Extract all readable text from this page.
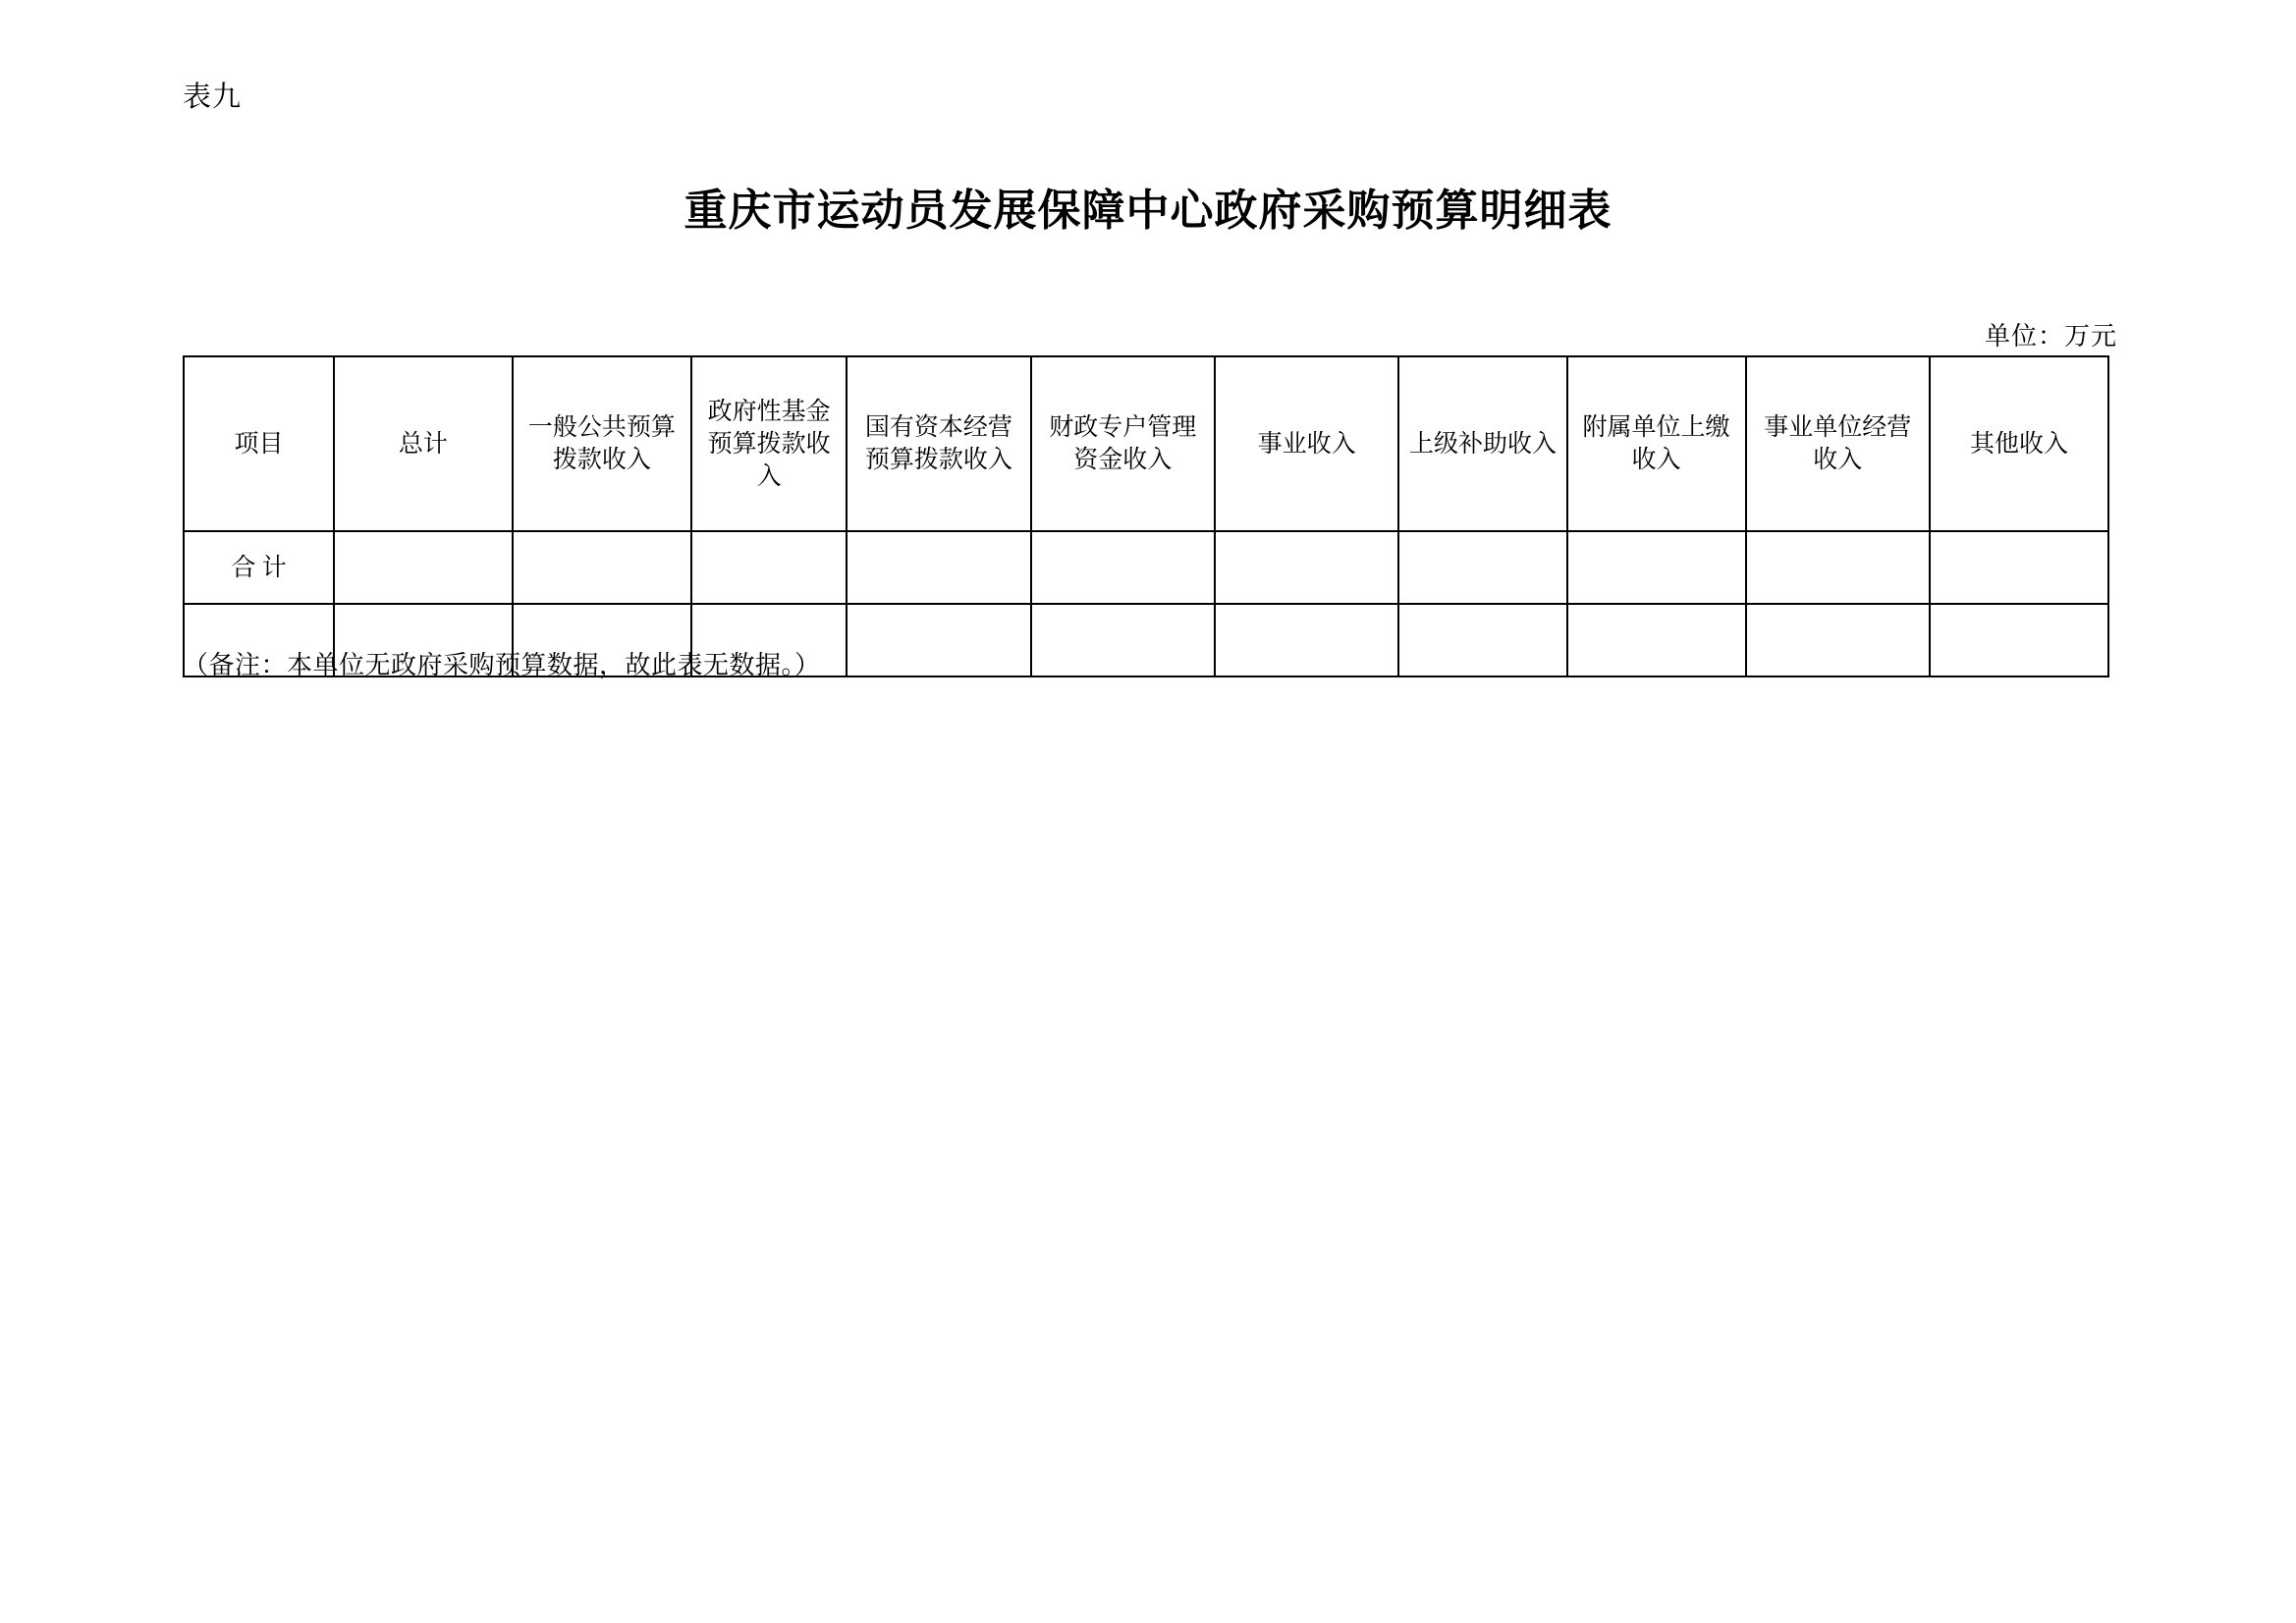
表九
重庆市运动员发展保障中心政府采购预算明细表
单位：万元
项目	总计	一般公共预算拨款收入	政府性基金预算拨款收入	国有资本经营预算拨款收入	财政专户管理资金收入	事业收入	上级补助收入	附属单位上缴收入	事业单位经营收入	其他收入
合 计										

（备注：本单位无政府采购预算数据，故此表无数据。）
